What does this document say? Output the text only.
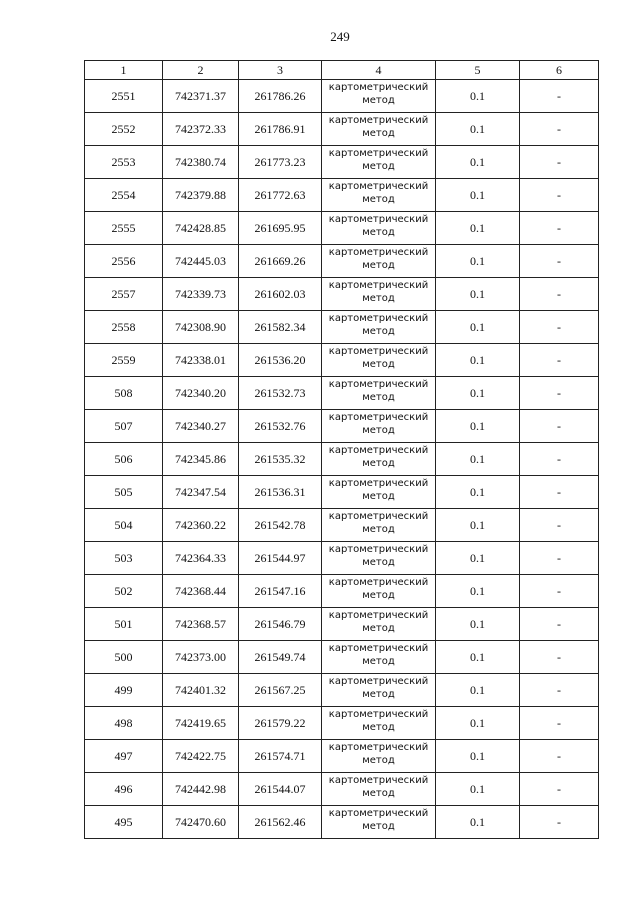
249
1	2	3	4	5	6
2551	742371.37	261786.26	картометрический метод	0.1	-
2552	742372.33	261786.91	картометрический метод	0.1	-
2553	742380.74	261773.23	картометрический метод	0.1	-
2554	742379.88	261772.63	картометрический метод	0.1	-
2555	742428.85	261695.95	картометрический метод	0.1	-
2556	742445.03	261669.26	картометрический метод	0.1	-
2557	742339.73	261602.03	картометрический метод	0.1	-
2558	742308.90	261582.34	картометрический метод	0.1	-
2559	742338.01	261536.20	картометрический метод	0.1	-
508	742340.20	261532.73	картометрический метод	0.1	-
507	742340.27	261532.76	картометрический метод	0.1	-
506	742345.86	261535.32	картометрический метод	0.1	-
505	742347.54	261536.31	картометрический метод	0.1	-
504	742360.22	261542.78	картометрический метод	0.1	-
503	742364.33	261544.97	картометрический метод	0.1	-
502	742368.44	261547.16	картометрический метод	0.1	-
501	742368.57	261546.79	картометрический метод	0.1	-
500	742373.00	261549.74	картометрический метод	0.1	-
499	742401.32	261567.25	картометрический метод	0.1	-
498	742419.65	261579.22	картометрический метод	0.1	-
497	742422.75	261574.71	картометрический метод	0.1	-
496	742442.98	261544.07	картометрический метод	0.1	-
495	742470.60	261562.46	картометрический метод	0.1	-
